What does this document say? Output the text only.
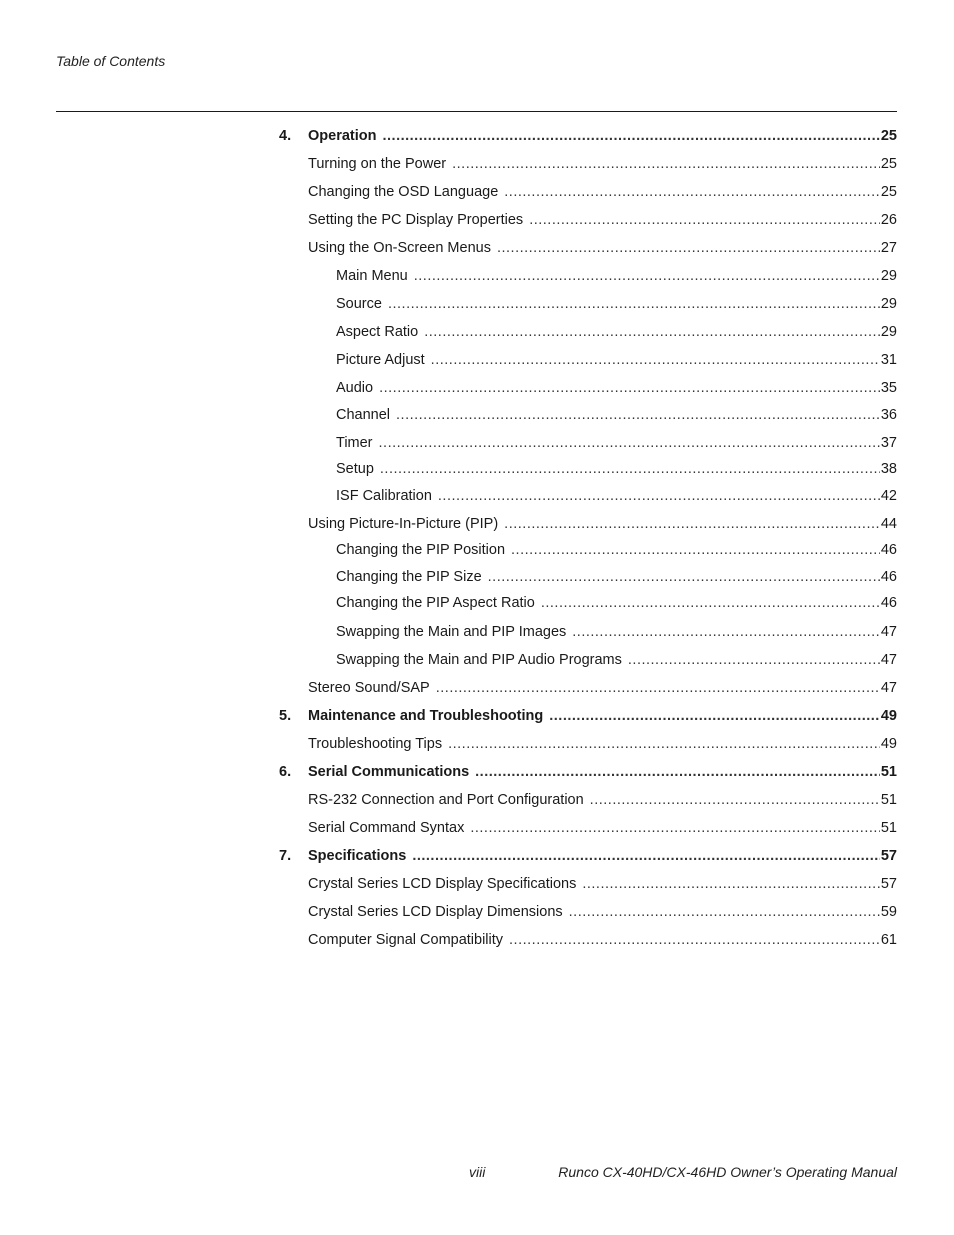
Table of Contents
4. Operation .....	25
Turning on the Power .....	25
Changing the OSD Language .....	25
Setting the PC Display Properties .....	26
Using the On-Screen Menus .....	27
Main Menu .....	29
Source .....	29
Aspect Ratio .....	29
Picture Adjust .....	31
Audio .....	35
Channel .....	36
Timer .....	37
Setup .....	38
ISF Calibration .....	42
Using Picture-In-Picture (PIP) .....	44
Changing the PIP Position .....	46
Changing the PIP Size .....	46
Changing the PIP Aspect Ratio .....	46
Swapping the Main and PIP Images .....	47
Swapping the Main and PIP Audio Programs .....	47
Stereo Sound/SAP .....	47
5. Maintenance and Troubleshooting .....	49
Troubleshooting Tips .....	49
6. Serial Communications .....	51
RS-232 Connection and Port Configuration .....	51
Serial Command Syntax .....	51
7. Specifications .....	57
Crystal Series LCD Display Specifications .....	57
Crystal Series LCD Display Dimensions .....	59
Computer Signal Compatibility .....	61
viii	Runco CX-40HD/CX-46HD Owner’s Operating Manual
